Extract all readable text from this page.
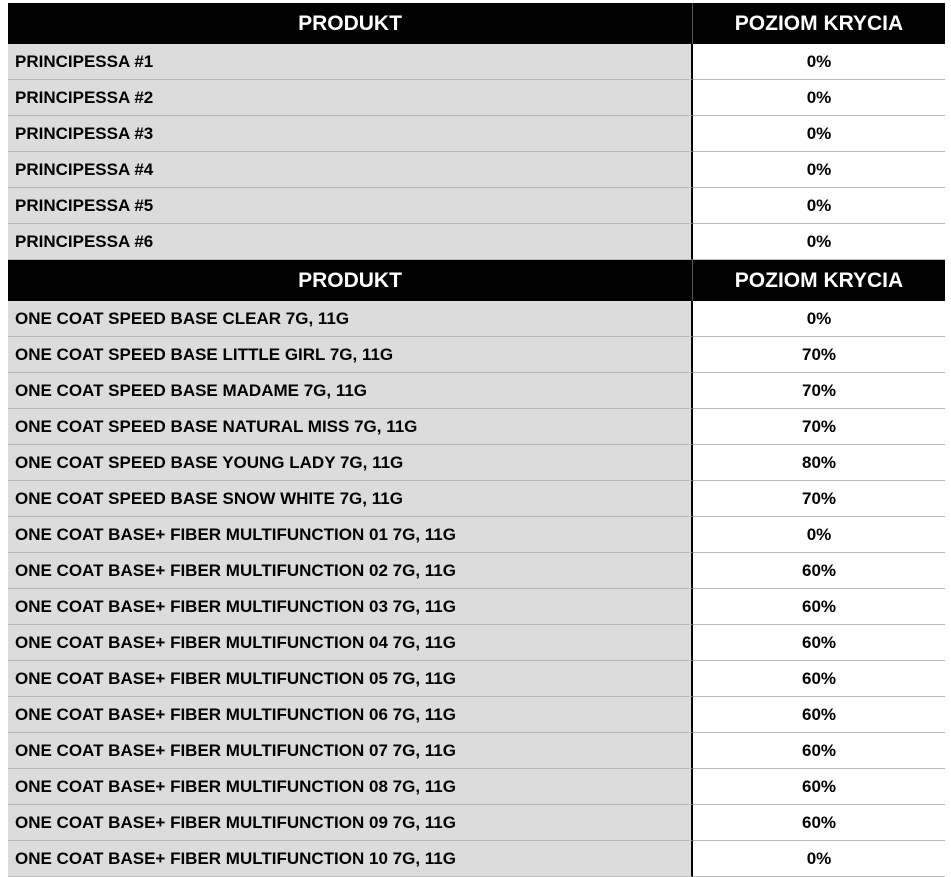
PRODUKT	POZIOM KRYCIA
PRINCIPESSA #1	0%
PRINCIPESSA #2	0%
PRINCIPESSA #3	0%
PRINCIPESSA #4	0%
PRINCIPESSA #5	0%
PRINCIPESSA #6	0%
PRODUKT	POZIOM KRYCIA
ONE COAT SPEED BASE CLEAR 7G, 11G	0%
ONE COAT SPEED BASE LITTLE GIRL 7G, 11G	70%
ONE COAT SPEED BASE MADAME 7G, 11G	70%
ONE COAT SPEED BASE NATURAL MISS 7G, 11G	70%
ONE COAT SPEED BASE YOUNG LADY 7G, 11G	80%
ONE COAT SPEED BASE SNOW WHITE 7G, 11G	70%
ONE COAT BASE+ FIBER MULTIFUNCTION 01 7G, 11G	0%
ONE COAT BASE+ FIBER MULTIFUNCTION 02 7G, 11G	60%
ONE COAT BASE+ FIBER MULTIFUNCTION 03 7G, 11G	60%
ONE COAT BASE+ FIBER MULTIFUNCTION 04 7G, 11G	60%
ONE COAT BASE+ FIBER MULTIFUNCTION 05 7G, 11G	60%
ONE COAT BASE+ FIBER MULTIFUNCTION 06 7G, 11G	60%
ONE COAT BASE+ FIBER MULTIFUNCTION 07 7G, 11G	60%
ONE COAT BASE+ FIBER MULTIFUNCTION 08 7G, 11G	60%
ONE COAT BASE+ FIBER MULTIFUNCTION 09 7G, 11G	60%
ONE COAT BASE+ FIBER MULTIFUNCTION 10 7G, 11G	0%
